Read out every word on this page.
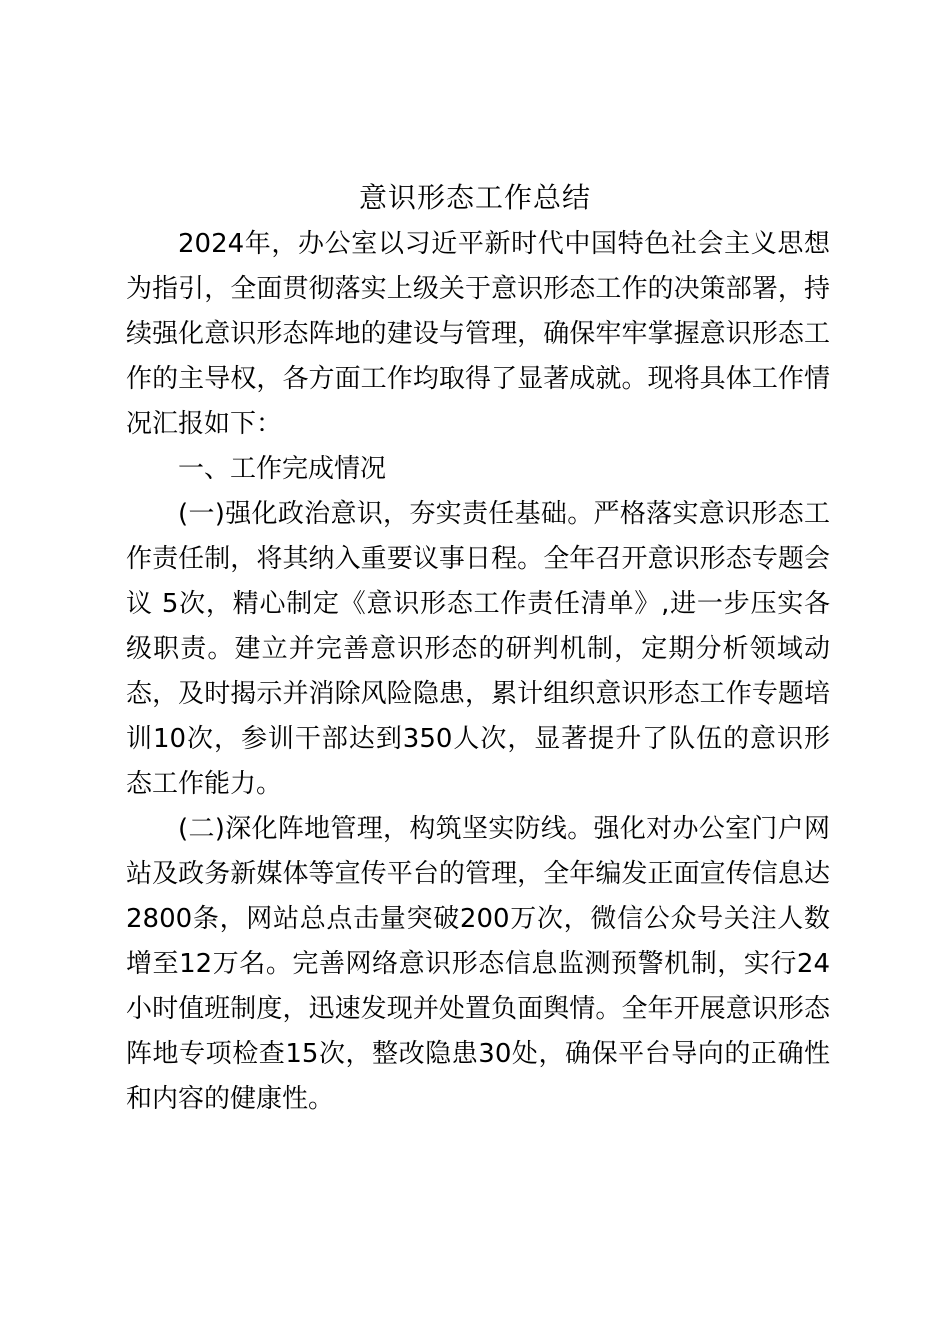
意识形态工作总结

2024年，办公室以习近平新时代中国特色社会主义思想为指引，全面贯彻落实上级关于意识形态工作的决策部署，持续强化意识形态阵地的建设与管理，确保牢牢掌握意识形态工作的主导权，各方面工作均取得了显著成就。现将具体工作情况汇报如下：

一、工作完成情况

(一)强化政治意识，夯实责任基础。严格落实意识形态工作责任制，将其纳入重要议事日程。全年召开意识形态专题会议 5次，精心制定《意识形态工作责任清单》,进一步压实各级职责。建立并完善意识形态的研判机制，定期分析领域动态，及时揭示并消除风险隐患，累计组织意识形态工作专题培训10次，参训干部达到350人次，显著提升了队伍的意识形态工作能力。

(二)深化阵地管理，构筑坚实防线。强化对办公室门户网站及政务新媒体等宣传平台的管理，全年编发正面宣传信息达2800条，网站总点击量突破200万次，微信公众号关注人数增至12万名。完善网络意识形态信息监测预警机制，实行24小时值班制度，迅速发现并处置负面舆情。全年开展意识形态阵地专项检查15次，整改隐患30处，确保平台导向的正确性和内容的健康性。
